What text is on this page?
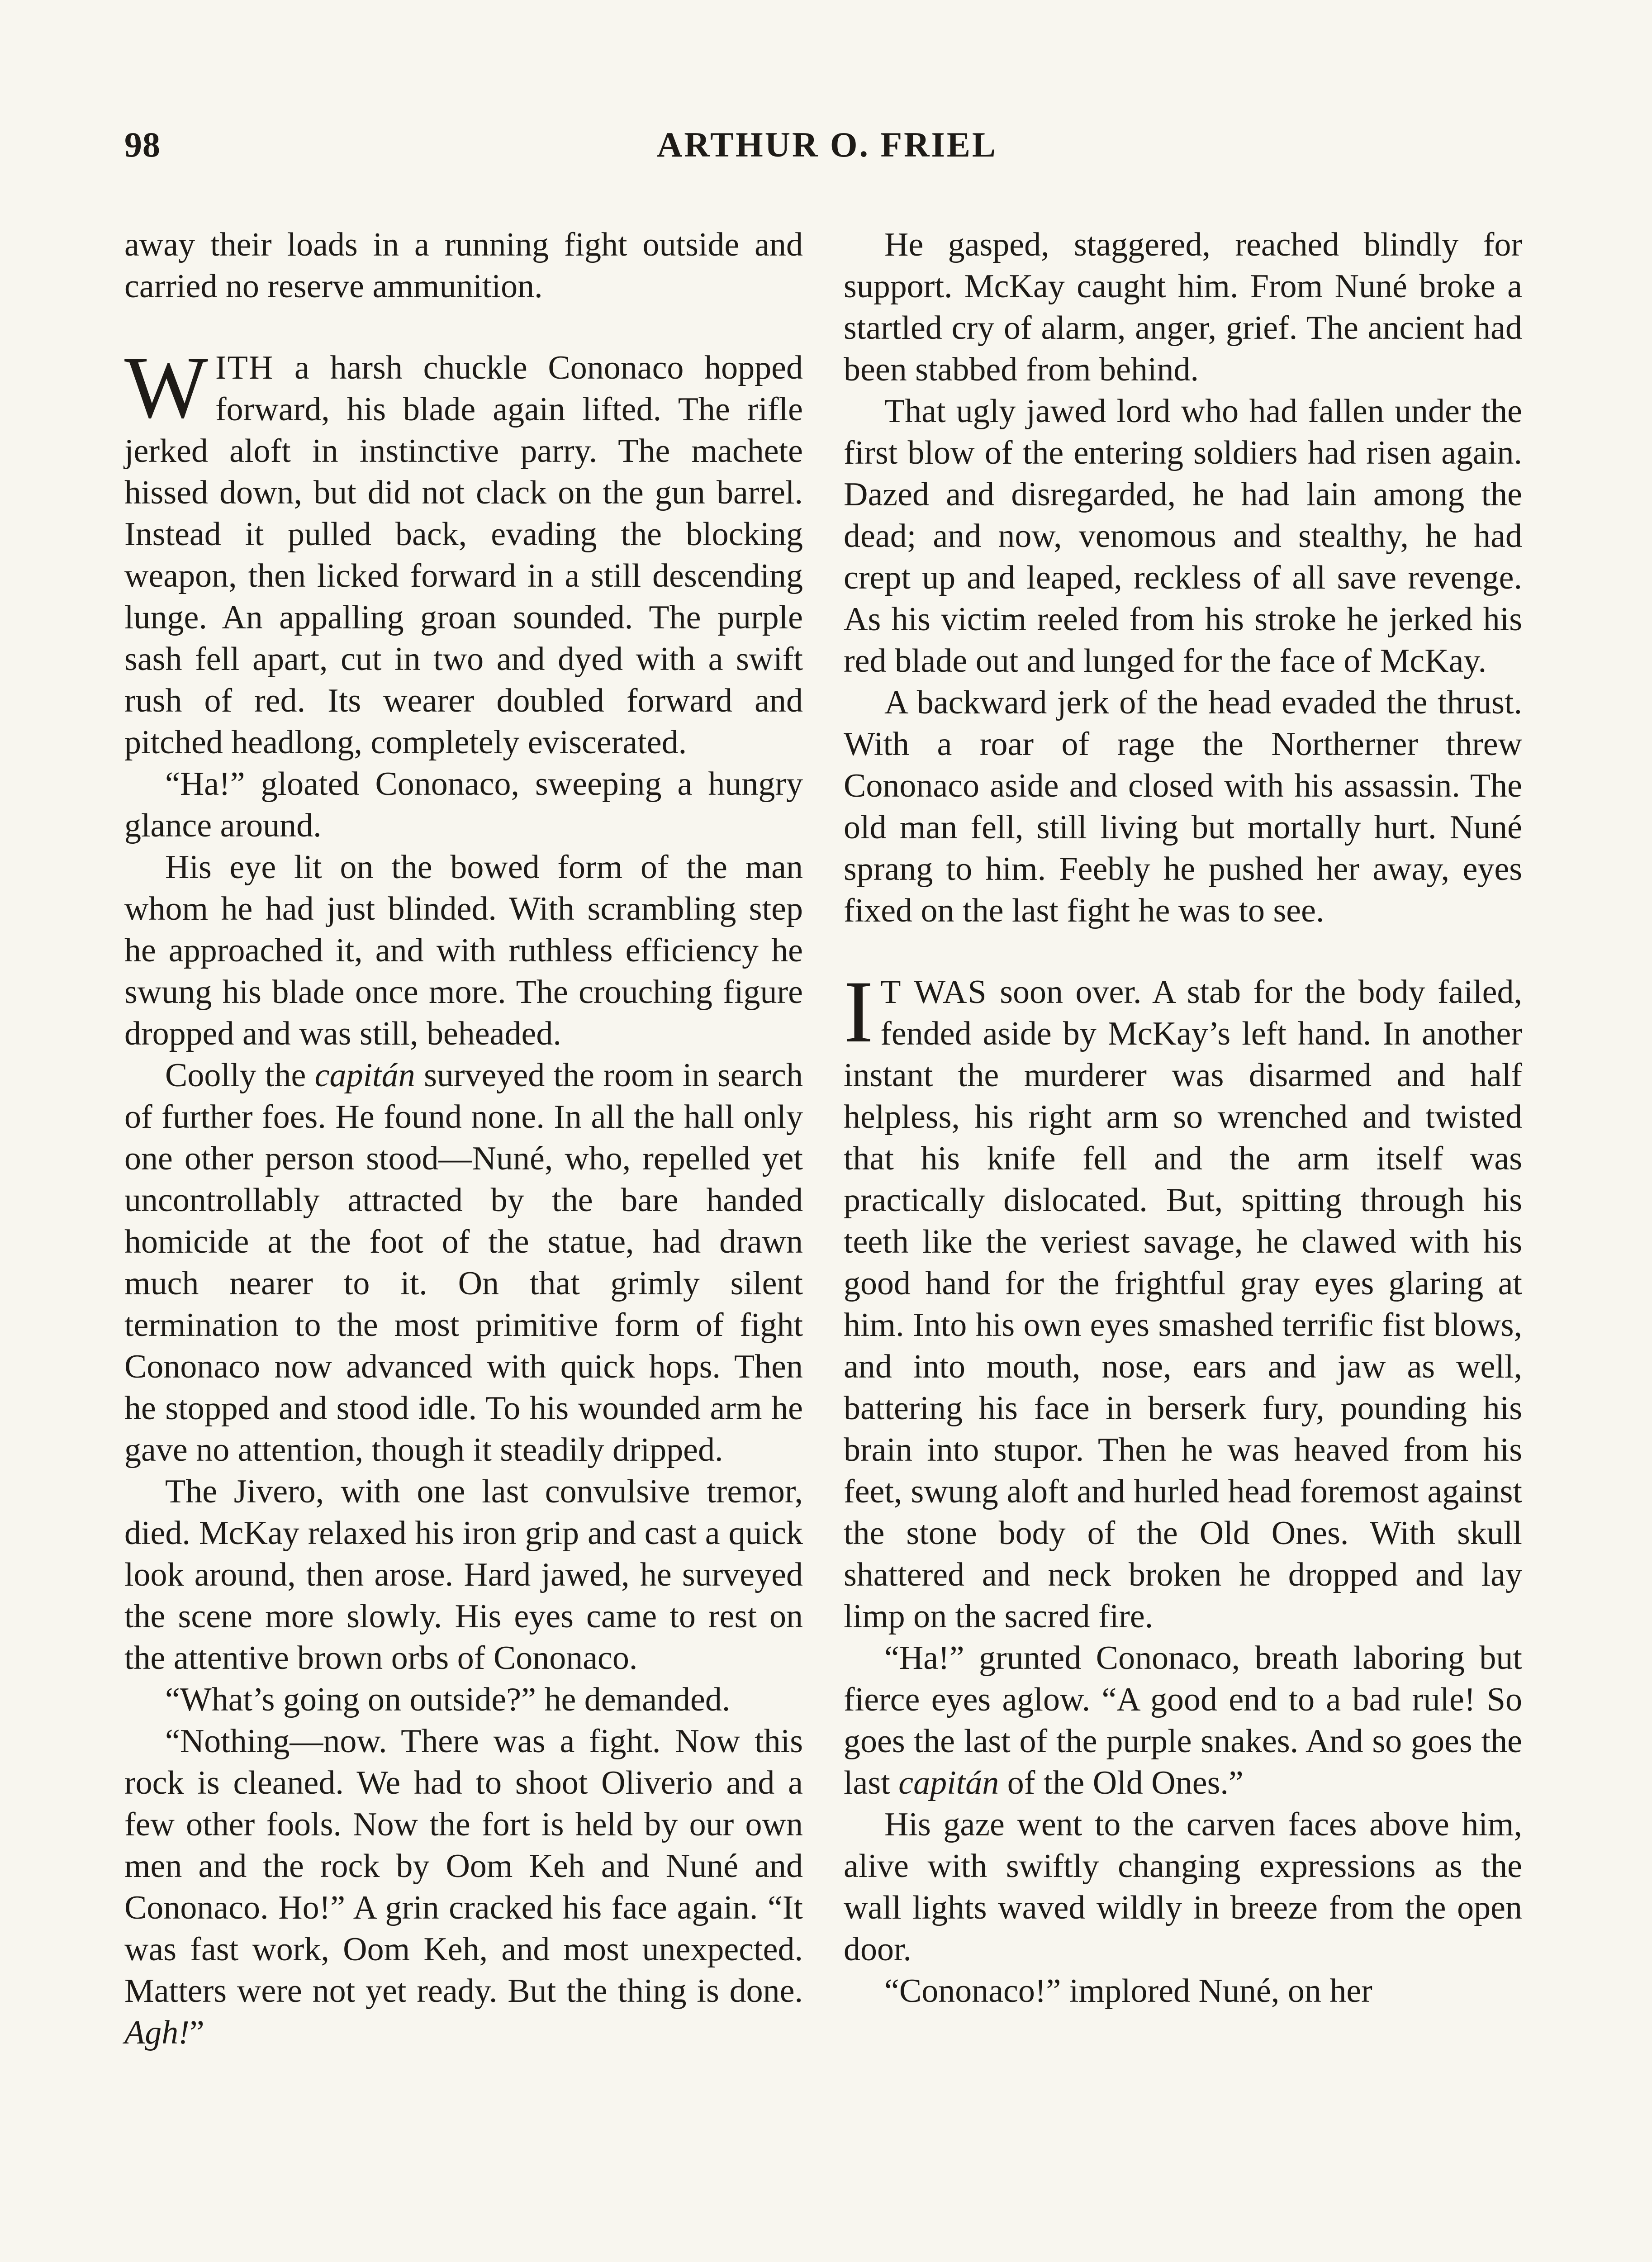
98	ARTHUR O. FRIEL

away their loads in a running fight outside and carried no reserve ammunition.

WITH a harsh chuckle Cononaco hopped forward, his blade again lifted. The rifle jerked aloft in instinctive parry. The machete hissed down, but did not clack on the gun barrel. Instead it pulled back, evading the blocking weapon, then licked forward in a still descending lunge. An appalling groan sounded. The purple sash fell apart, cut in two and dyed with a swift rush of red. Its wearer doubled forward and pitched headlong, completely eviscerated.

“Ha!” gloated Cononaco, sweeping a hungry glance around.

His eye lit on the bowed form of the man whom he had just blinded. With scrambling step he approached it, and with ruthless efficiency he swung his blade once more. The crouching figure dropped and was still, beheaded.

Coolly the capitán surveyed the room in search of further foes. He found none. In all the hall only one other person stood—Nuné, who, repelled yet uncontrollably attracted by the bare handed homicide at the foot of the statue, had drawn much nearer to it. On that grimly silent termination to the most primitive form of fight Cononaco now advanced with quick hops. Then he stopped and stood idle. To his wounded arm he gave no attention, though it steadily dripped.

The Jivero, with one last convulsive tremor, died. McKay relaxed his iron grip and cast a quick look around, then arose. Hard jawed, he surveyed the scene more slowly. His eyes came to rest on the attentive brown orbs of Cononaco.

“What’s going on outside?” he demanded.

“Nothing—now. There was a fight. Now this rock is cleaned. We had to shoot Oliverio and a few other fools. Now the fort is held by our own men and the rock by Oom Keh and Nuné and Cononaco. Ho!” A grin cracked his face again. “It was fast work, Oom Keh, and most unexpected. Matters were not yet ready. But the thing is done. Agh!”

He gasped, staggered, reached blindly for support. McKay caught him. From Nuné broke a startled cry of alarm, anger, grief. The ancient had been stabbed from behind.

That ugly jawed lord who had fallen under the first blow of the entering soldiers had risen again. Dazed and disregarded, he had lain among the dead; and now, venomous and stealthy, he had crept up and leaped, reckless of all save revenge. As his victim reeled from his stroke he jerked his red blade out and lunged for the face of McKay.

A backward jerk of the head evaded the thrust. With a roar of rage the Northerner threw Cononaco aside and closed with his assassin. The old man fell, still living but mortally hurt. Nuné sprang to him. Feebly he pushed her away, eyes fixed on the last fight he was to see.

I T WAS soon over. A stab for the body failed, fended aside by McKay’s left hand. In another instant the murderer was disarmed and half helpless, his right arm so wrenched and twisted that his knife fell and the arm itself was practically dislocated. But, spitting through his teeth like the veriest savage, he clawed with his good hand for the frightful gray eyes glaring at him. Into his own eyes smashed terrific fist blows, and into mouth, nose, ears and jaw as well, battering his face in berserk fury, pounding his brain into stupor. Then he was heaved from his feet, swung aloft and hurled head foremost against the stone body of the Old Ones. With skull shattered and neck broken he dropped and lay limp on the sacred fire.

“Ha!” grunted Cononaco, breath laboring but fierce eyes aglow. “A good end to a bad rule! So goes the last of the purple snakes. And so goes the last capitán of the Old Ones.”

His gaze went to the carven faces above him, alive with swiftly changing expressions as the wall lights waved wildly in breeze from the open door.

“Cononaco!” implored Nuné, on her
